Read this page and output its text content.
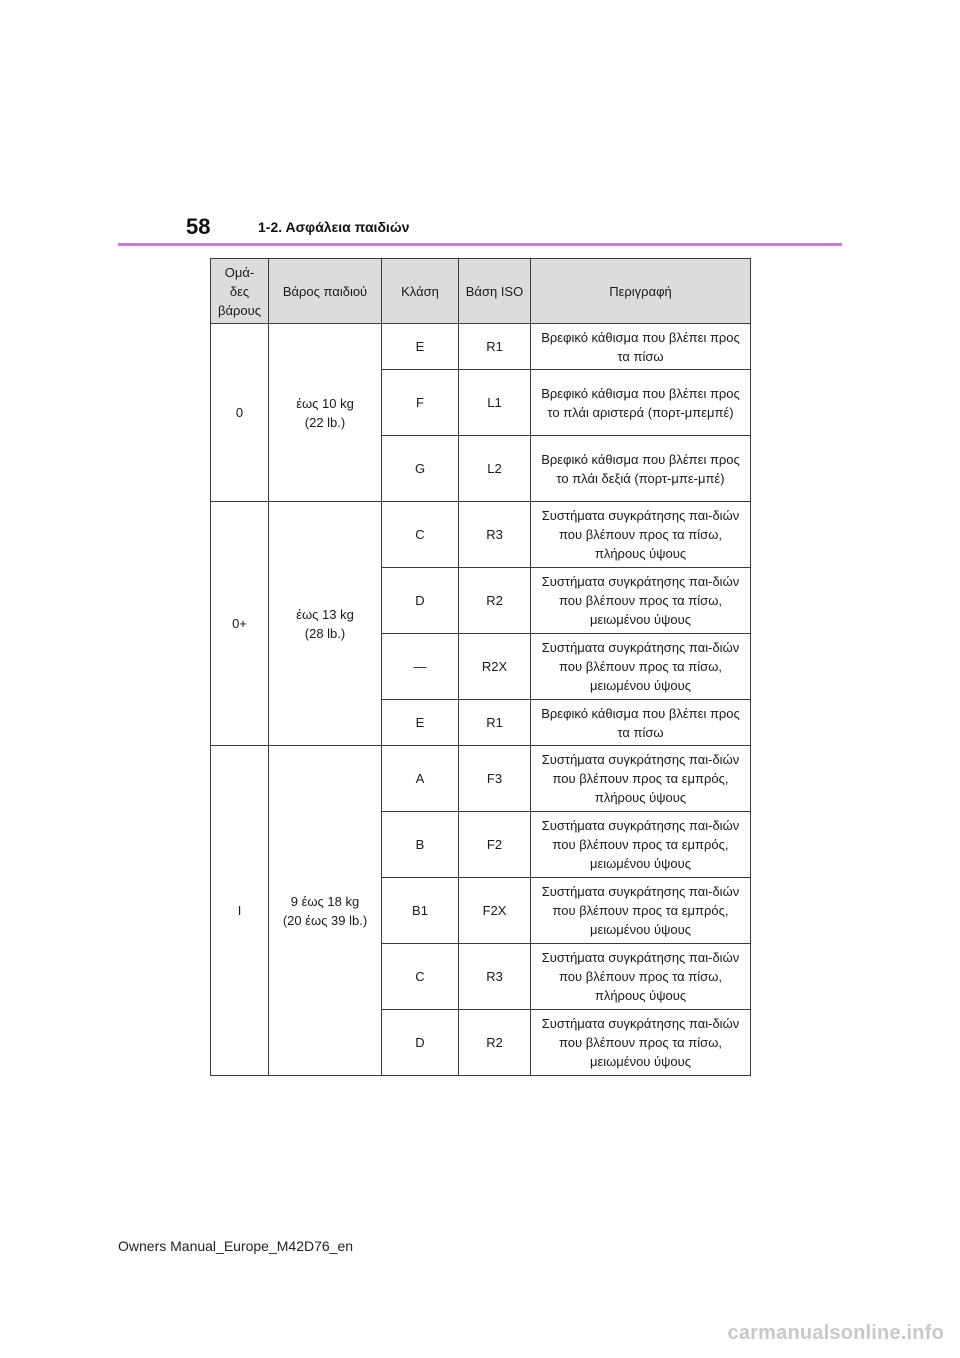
58	1-2. Ασφάλεια παιδιών
Ομά-
δες
βάρους	Βάρος παιδιού	Κλάση	Βάση ISO	Περιγραφή
0	έως 10 kg
(22 lb.)	E	R1	Βρεφικό κάθισμα που βλέπει προς τα πίσω
		F	L1	Βρεφικό κάθισμα που βλέπει προς το πλάι αριστερά (πορτ-μπεμπέ)
		G	L2	Βρεφικό κάθισμα που βλέπει προς το πλάι δεξιά (πορτ-μπε-μπέ)
0+	έως 13 kg
(28 lb.)	C	R3	Συστήματα συγκράτησης παι-διών που βλέπουν προς τα πίσω, πλήρους ύψους
		D	R2	Συστήματα συγκράτησης παι-διών που βλέπουν προς τα πίσω, μειωμένου ύψους
		—	R2X	Συστήματα συγκράτησης παι-διών που βλέπουν προς τα πίσω, μειωμένου ύψους
		E	R1	Βρεφικό κάθισμα που βλέπει προς τα πίσω
I	9 έως 18 kg
(20 έως 39 lb.)	A	F3	Συστήματα συγκράτησης παι-διών που βλέπουν προς τα εμπρός, πλήρους ύψους
		B	F2	Συστήματα συγκράτησης παι-διών που βλέπουν προς τα εμπρός, μειωμένου ύψους
		B1	F2X	Συστήματα συγκράτησης παι-διών που βλέπουν προς τα εμπρός, μειωμένου ύψους
		C	R3	Συστήματα συγκράτησης παι-διών που βλέπουν προς τα πίσω, πλήρους ύψους
		D	R2	Συστήματα συγκράτησης παι-διών που βλέπουν προς τα πίσω, μειωμένου ύψους
Owners Manual_Europe_M42D76_en
carmanualsonline.info
